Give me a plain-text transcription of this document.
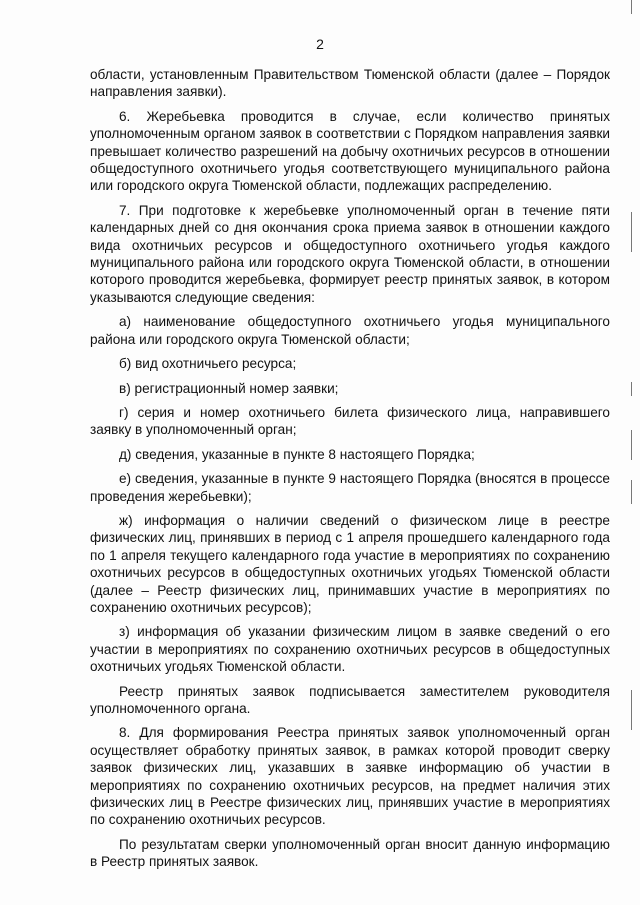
2

области, установленным Правительством Тюменской области (далее – Порядок направления заявки).

6. Жеребьевка проводится в случае, если количество принятых уполномоченным органом заявок в соответствии с Порядком направления заявки превышает количество разрешений на добычу охотничьих ресурсов в отношении общедоступного охотничьего угодья соответствующего муниципального района или городского округа Тюменской области, подлежащих распределению.

7. При подготовке к жеребьевке уполномоченный орган в течение пяти календарных дней со дня окончания срока приема заявок в отношении каждого вида охотничьих ресурсов и общедоступного охотничьего угодья каждого муниципального района или городского округа Тюменской области, в отношении которого проводится жеребьевка, формирует реестр принятых заявок, в котором указываются следующие сведения:

а) наименование общедоступного охотничьего угодья муниципального района или городского округа Тюменской области;

б) вид охотничьего ресурса;

в) регистрационный номер заявки;

г) серия и номер охотничьего билета физического лица, направившего заявку в уполномоченный орган;

д) сведения, указанные в пункте 8 настоящего Порядка;

е) сведения, указанные в пункте 9 настоящего Порядка (вносятся в процессе проведения жеребьевки);

ж) информация о наличии сведений о физическом лице в реестре физических лиц, принявших в период с 1 апреля прошедшего календарного года по 1 апреля текущего календарного года участие в мероприятиях по сохранению охотничьих ресурсов в общедоступных охотничьих угодьях Тюменской области (далее – Реестр физических лиц, принимавших участие в мероприятиях по сохранению охотничьих ресурсов);

з) информация об указании физическим лицом в заявке сведений о его участии в мероприятиях по сохранению охотничьих ресурсов в общедоступных охотничьих угодьях Тюменской области.

Реестр принятых заявок подписывается заместителем руководителя уполномоченного органа.

8. Для формирования Реестра принятых заявок уполномоченный орган осуществляет обработку принятых заявок, в рамках которой проводит сверку заявок физических лиц, указавших в заявке информацию об участии в мероприятиях по сохранению охотничьих ресурсов, на предмет наличия этих физических лиц в Реестре физических лиц, принявших участие в мероприятиях по сохранению охотничьих ресурсов.

По результатам сверки уполномоченный орган вносит данную информацию в Реестр принятых заявок.
